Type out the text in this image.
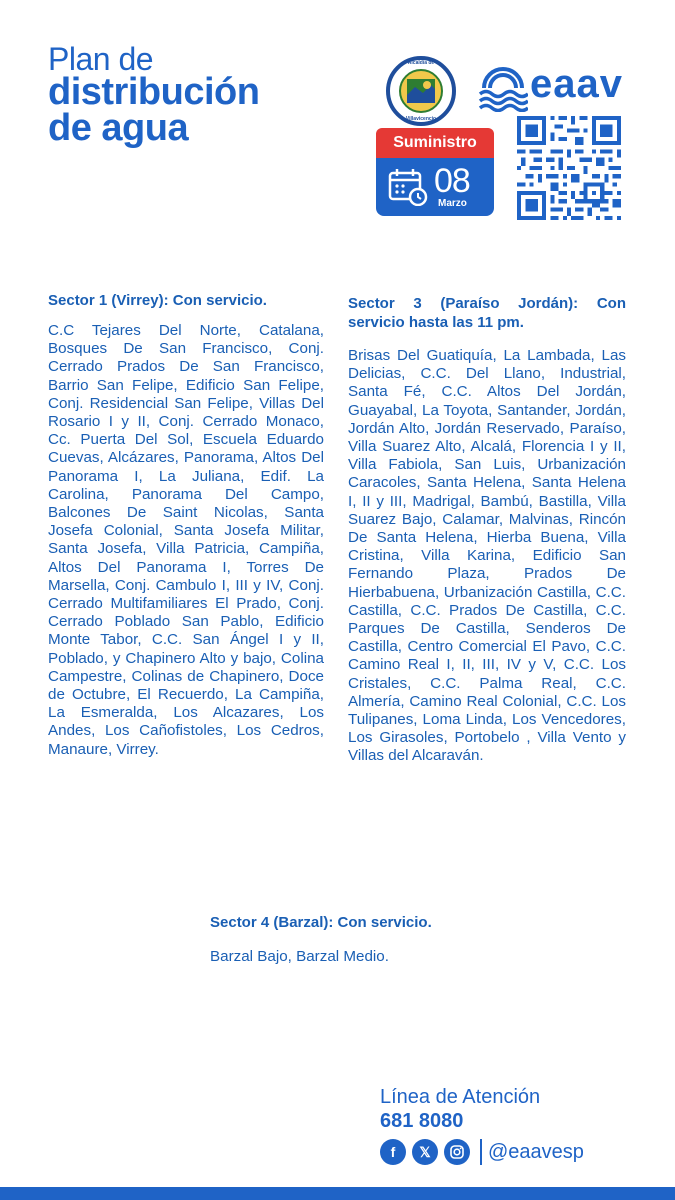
Plan de
distribución
de agua
Alcaldía de
Villavicencio
eaav
Suministro
08
Marzo
Sector 1 (Virrey): Con servicio.
C.C Tejares Del Norte, Catalana, Bosques De San Francisco, Conj. Cerrado Prados De San Francisco, Barrio San Felipe, Edificio San Felipe, Conj. Residencial San Felipe, Villas Del Rosario I y II, Conj. Cerrado Monaco, Cc. Puerta Del Sol, Escuela Eduardo Cuevas, Alcázares, Panorama, Altos Del Panorama I, La Juliana, Edif. La Carolina, Panorama Del Campo, Balcones De Saint Nicolas, Santa Josefa Colonial, Santa Josefa Militar, Santa Josefa, Villa Patricia, Campiña, Altos Del Panorama I, Torres De Marsella, Conj. Cambulo I, III y IV, Conj. Cerrado Multifamiliares El Prado, Conj. Cerrado Poblado San Pablo, Edificio Monte Tabor, C.C. San Ángel I y II, Poblado, y Chapinero Alto y bajo, Colina Campestre, Colinas de Chapinero, Doce de Octubre, El Recuerdo, La Campiña, La Esmeralda, Los Alcazares, Los Andes, Los Cañofistoles, Los Cedros, Manaure, Virrey.
Sector 3 (Paraíso Jordán): Con servicio hasta las 11 pm.
Brisas Del Guatiquía, La Lambada, Las Delicias, C.C. Del Llano, Industrial, Santa Fé, C.C. Altos Del Jordán, Guayabal, La Toyota, Santander, Jordán, Jordán Alto, Jordán Reservado, Paraíso, Villa Suarez Alto, Alcalá, Florencia I y II, Villa Fabiola, San Luis, Urbanización Caracoles, Santa Helena, Santa Helena I, II y III, Madrigal, Bambú, Bastilla, Villa Suarez Bajo, Calamar, Malvinas, Rincón De Santa Helena, Hierba Buena, Villa Cristina, Villa Karina, Edificio San Fernando Plaza, Prados De Hierbabuena, Urbanización Castilla, C.C. Castilla, C.C. Prados De Castilla, C.C. Parques De Castilla, Senderos De Castilla, Centro Comercial El Pavo, C.C. Camino Real I, II, III, IV y V, C.C. Los Cristales, C.C. Palma Real, C.C. Almería, Camino Real Colonial, C.C. Los Tulipanes, Loma Linda, Los Vencedores, Los Girasoles, Portobelo , Villa Vento y Villas del Alcaraván.
Sector 4 (Barzal): Con servicio.
Barzal Bajo, Barzal Medio.
Línea de Atención
681 8080
f	𝕏	@eaavesp
